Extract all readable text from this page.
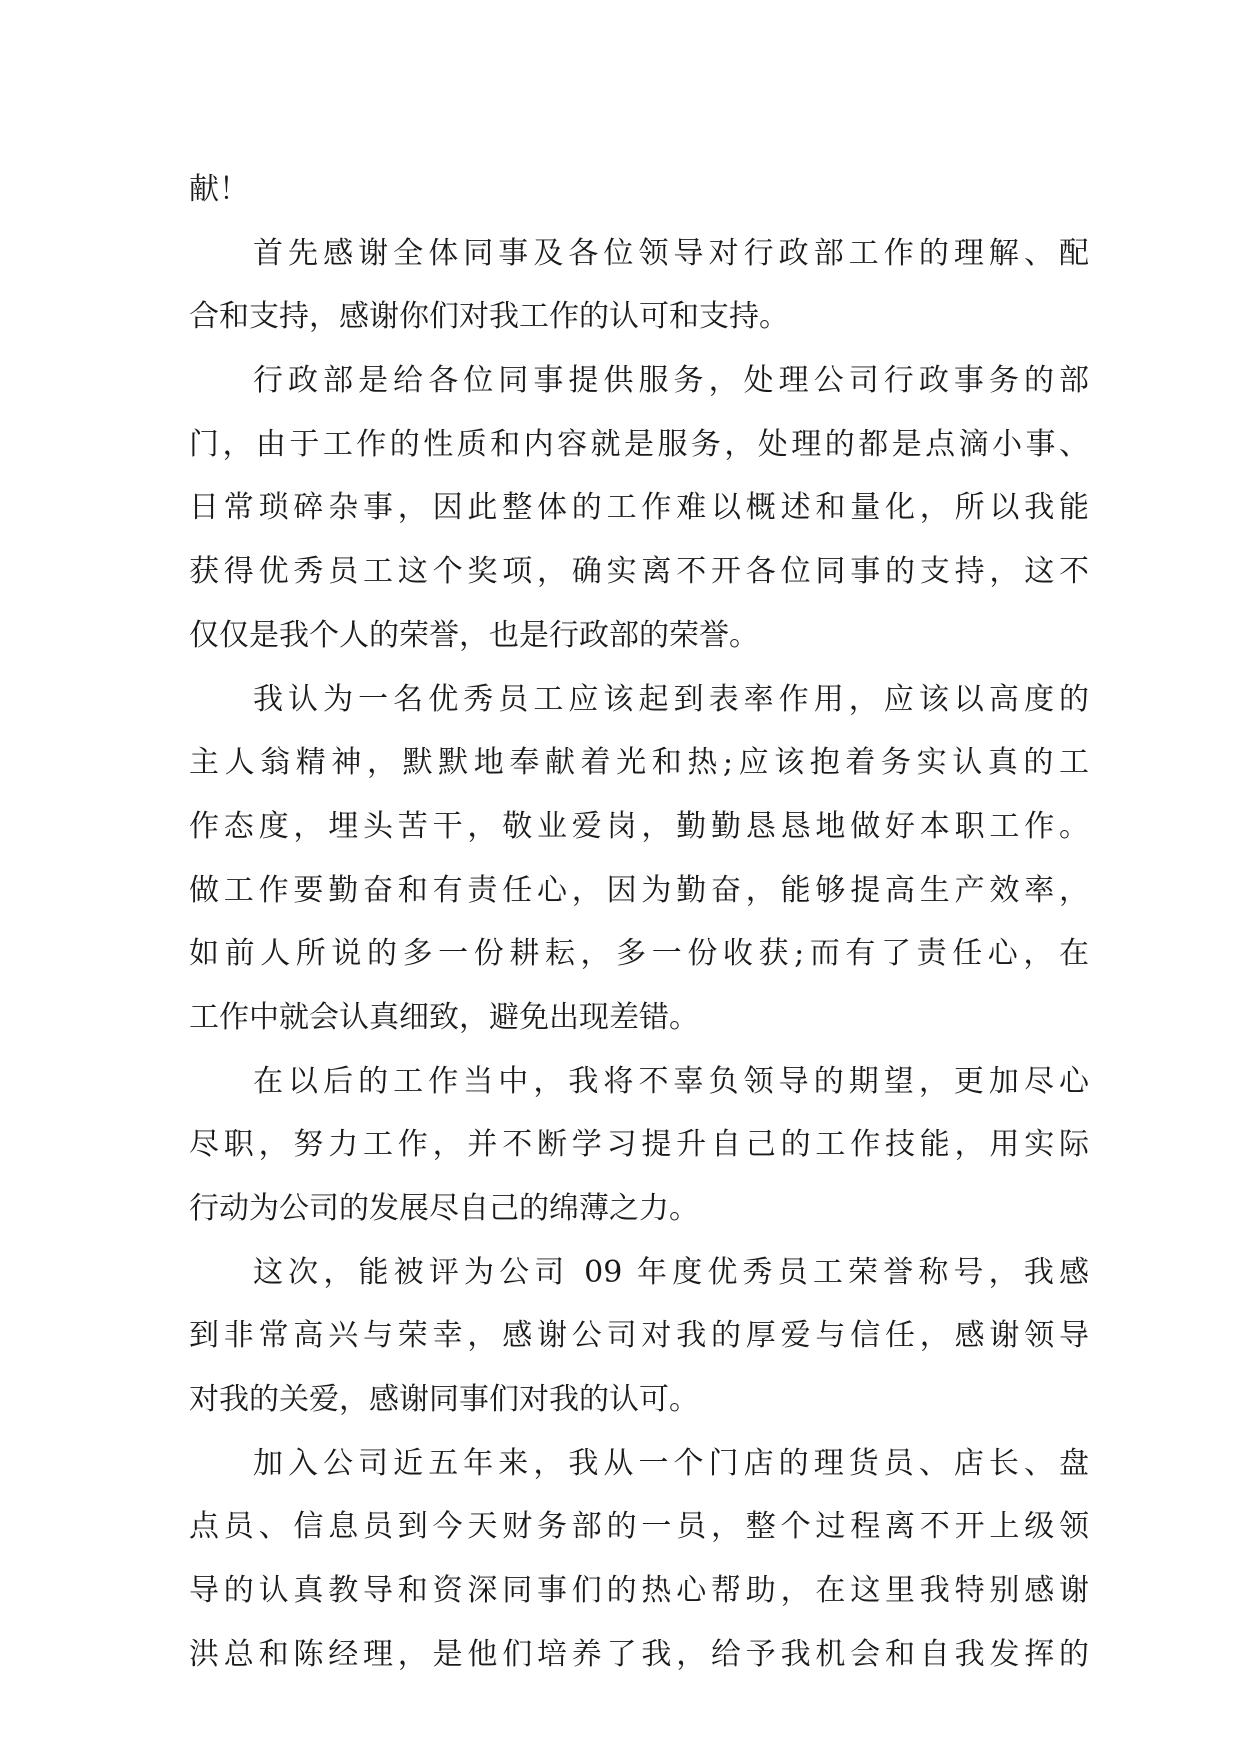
献！
首先感谢全体同事及各位领导对行政部工作的理解、配
合和支持，感谢你们对我工作的认可和支持。
行政部是给各位同事提供服务，处理公司行政事务的部
门，由于工作的性质和内容就是服务，处理的都是点滴小事、
日常琐碎杂事，因此整体的工作难以概述和量化，所以我能
获得优秀员工这个奖项，确实离不开各位同事的支持，这不
仅仅是我个人的荣誉，也是行政部的荣誉。
我认为一名优秀员工应该起到表率作用，应该以高度的
主人翁精神，默默地奉献着光和热;应该抱着务实认真的工
作态度，埋头苦干，敬业爱岗，勤勤恳恳地做好本职工作。
做工作要勤奋和有责任心，因为勤奋，能够提高生产效率，
如前人所说的多一份耕耘，多一份收获;而有了责任心，在
工作中就会认真细致，避免出现差错。
在以后的工作当中，我将不辜负领导的期望，更加尽心
尽职，努力工作，并不断学习提升自己的工作技能，用实际
行动为公司的发展尽自己的绵薄之力。
这次，能被评为公司 09 年度优秀员工荣誉称号，我感
到非常高兴与荣幸，感谢公司对我的厚爱与信任，感谢领导
对我的关爱，感谢同事们对我的认可。
加入公司近五年来，我从一个门店的理货员、店长、盘
点员、信息员到今天财务部的一员，整个过程离不开上级领
导的认真教导和资深同事们的热心帮助，在这里我特别感谢
洪总和陈经理，是他们培养了我，给予我机会和自我发挥的
